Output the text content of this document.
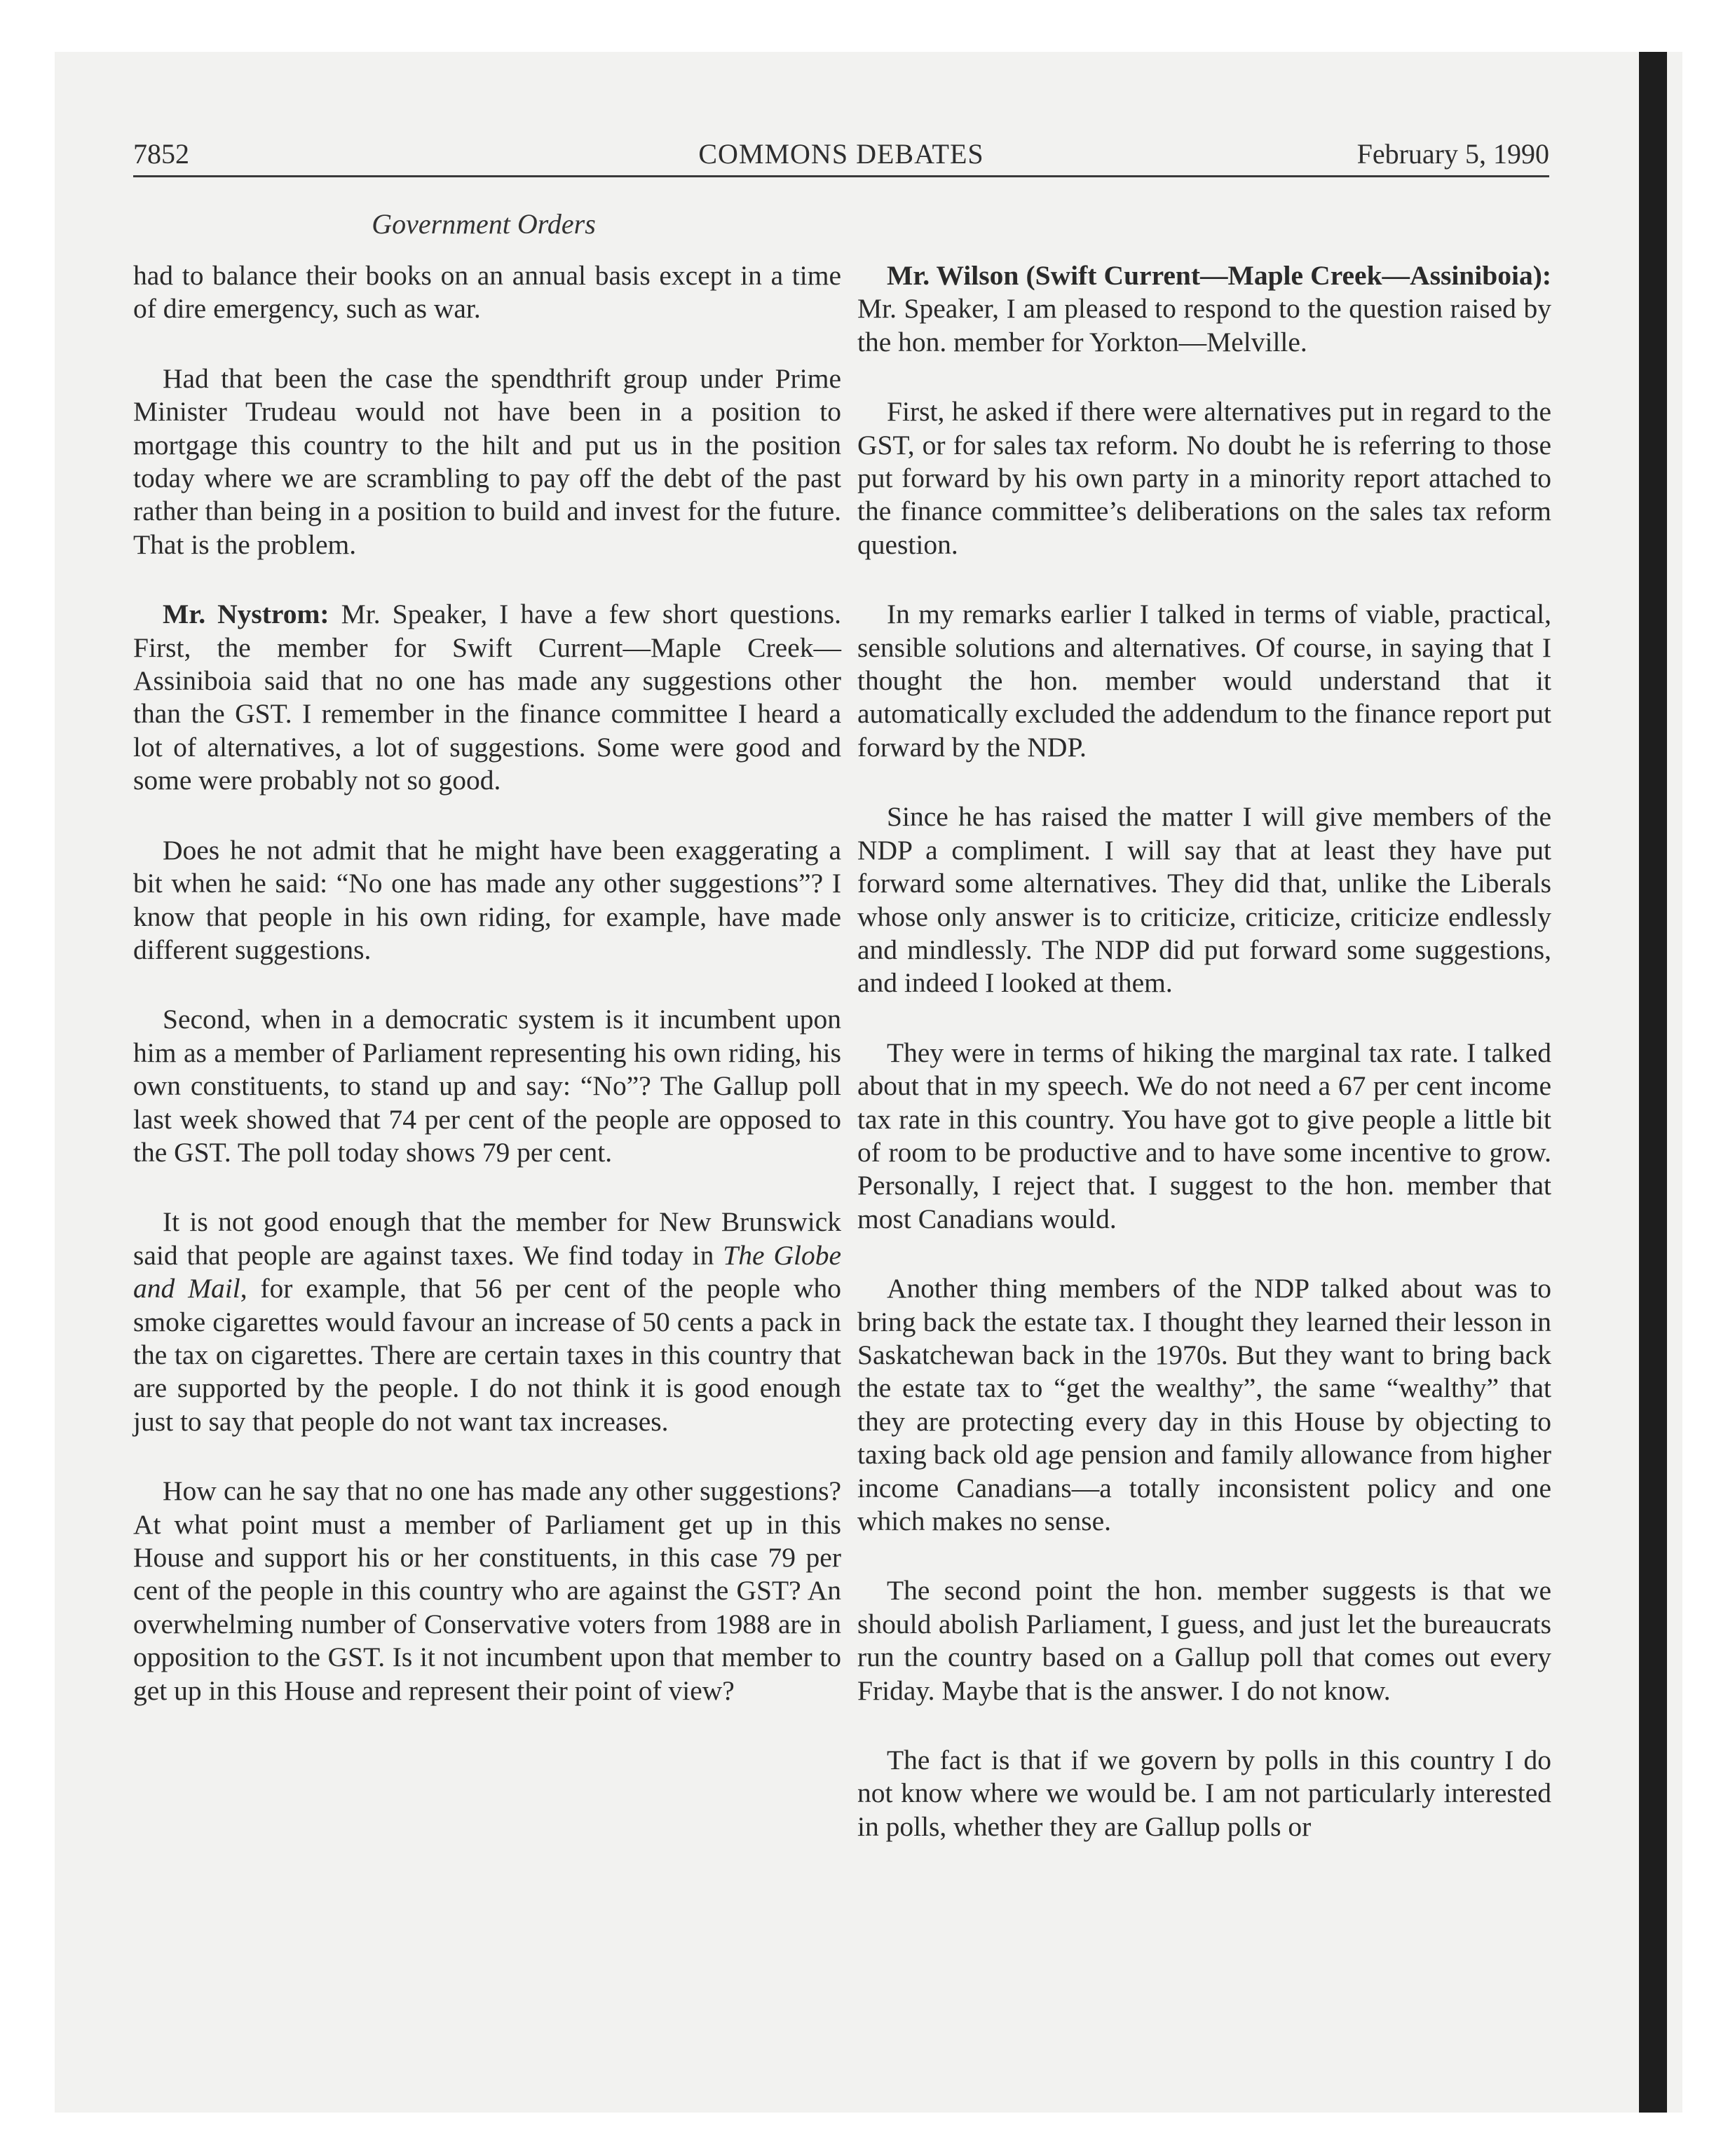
7852	COMMONS DEBATES	February 5, 1990
Government Orders

had to balance their books on an annual basis except in a time of dire emergency, such as war.

Had that been the case the spendthrift group under Prime Minister Trudeau would not have been in a position to mortgage this country to the hilt and put us in the position today where we are scrambling to pay off the debt of the past rather than being in a position to build and invest for the future. That is the problem.

Mr. Nystrom: Mr. Speaker, I have a few short questions. First, the member for Swift Current—Maple Creek—Assiniboia said that no one has made any suggestions other than the GST. I remember in the finance committee I heard a lot of alternatives, a lot of suggestions. Some were good and some were probably not so good.

Does he not admit that he might have been exaggerating a bit when he said: “No one has made any other suggestions”? I know that people in his own riding, for example, have made different suggestions.

Second, when in a democratic system is it incumbent upon him as a member of Parliament representing his own riding, his own constituents, to stand up and say: “No”? The Gallup poll last week showed that 74 per cent of the people are opposed to the GST. The poll today shows 79 per cent.

It is not good enough that the member for New Brunswick said that people are against taxes. We find today in The Globe and Mail, for example, that 56 per cent of the people who smoke cigarettes would favour an increase of 50 cents a pack in the tax on cigarettes. There are certain taxes in this country that are supported by the people. I do not think it is good enough just to say that people do not want tax increases.

How can he say that no one has made any other suggestions? At what point must a member of Parliament get up in this House and support his or her constituents, in this case 79 per cent of the people in this country who are against the GST? An overwhelming number of Conservative voters from 1988 are in opposition to the GST. Is it not incumbent upon that member to get up in this House and represent their point of view?

Mr. Wilson (Swift Current—Maple Creek—Assiniboia): Mr. Speaker, I am pleased to respond to the question raised by the hon. member for Yorkton—Melville.

First, he asked if there were alternatives put in regard to the GST, or for sales tax reform. No doubt he is referring to those put forward by his own party in a minority report attached to the finance committee’s deliberations on the sales tax reform question.

In my remarks earlier I talked in terms of viable, practical, sensible solutions and alternatives. Of course, in saying that I thought the hon. member would understand that it automatically excluded the addendum to the finance report put forward by the NDP.

Since he has raised the matter I will give members of the NDP a compliment. I will say that at least they have put forward some alternatives. They did that, unlike the Liberals whose only answer is to criticize, criticize, criticize endlessly and mindlessly. The NDP did put forward some suggestions, and indeed I looked at them.

They were in terms of hiking the marginal tax rate. I talked about that in my speech. We do not need a 67 per cent income tax rate in this country. You have got to give people a little bit of room to be productive and to have some incentive to grow. Personally, I reject that. I suggest to the hon. member that most Canadians would.

Another thing members of the NDP talked about was to bring back the estate tax. I thought they learned their lesson in Saskatchewan back in the 1970s. But they want to bring back the estate tax to “get the wealthy”, the same “wealthy” that they are protecting every day in this House by objecting to taxing back old age pension and family allowance from higher income Canadians—a totally inconsistent policy and one which makes no sense.

The second point the hon. member suggests is that we should abolish Parliament, I guess, and just let the bureaucrats run the country based on a Gallup poll that comes out every Friday. Maybe that is the answer. I do not know.

The fact is that if we govern by polls in this country I do not know where we would be. I am not particularly interested in polls, whether they are Gallup polls or
